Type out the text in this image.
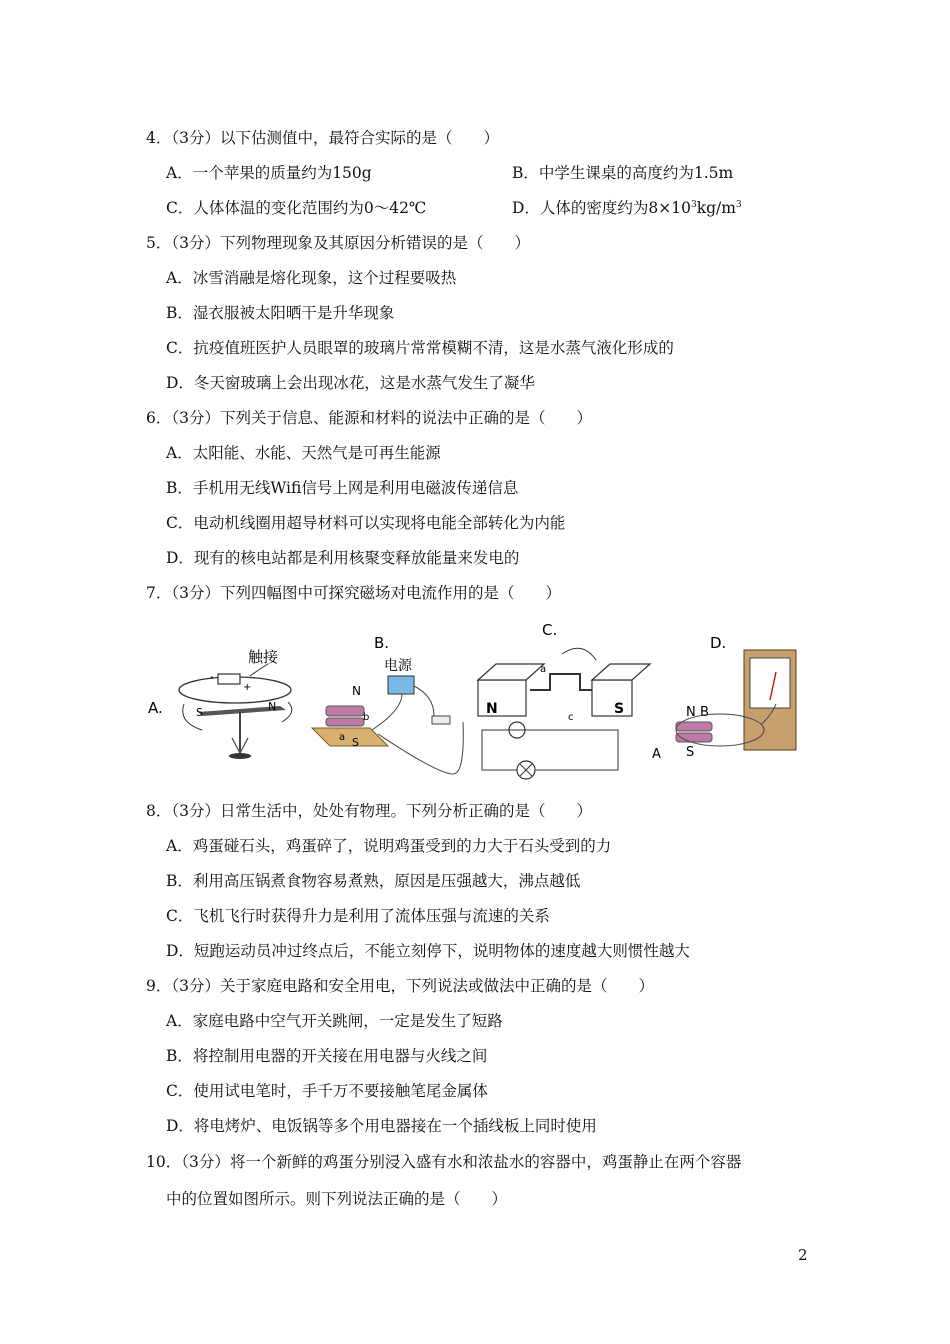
4．（3分）以下估测值中，最符合实际的是（　　）
A．一个苹果的质量约为150g	B．中学生课桌的高度约为1.5m
C．人体体温的变化范围约为0～42℃	D．人体的密度约为$8\times 10^3kg/m^3$
5．（3分）下列物理现象及其原因分析错误的是（　　）
A．冰雪消融是熔化现象，这个过程要吸热
B．湿衣服被太阳晒干是升华现象
C．抗疫值班医护人员眼罩的玻璃片常常模糊不清，这是水蒸气液化形成的
D．冬天窗玻璃上会出现冰花，这是水蒸气发生了凝华
6．（3分）下列关于信息、能源和材料的说法中正确的是（　　）
A．太阳能、水能、天然气是可再生能源
B．手机用无线Wifi信号上网是利用电磁波传递信息
C．电动机线圈用超导材料可以实现将电能全部转化为内能
D．现有的核电站都是利用核聚变释放能量来发电的
7．（3分）下列四幅图中可探究磁场对电流作用的是（　　）
A.
-
+
触接
S	N
B.
电源
N
S
a
b
C.
N	S
a
c
D.
N B
A S
8．（3分）日常生活中，处处有物理。下列分析正确的是（　　）
A．鸡蛋碰石头，鸡蛋碎了，说明鸡蛋受到的力大于石头受到的力
B．利用高压锅煮食物容易煮熟，原因是压强越大，沸点越低
C．飞机飞行时获得升力是利用了流体压强与流速的关系
D．短跑运动员冲过终点后，不能立刻停下，说明物体的速度越大则惯性越大
9．（3分）关于家庭电路和安全用电，下列说法或做法中正确的是（　　）
A．家庭电路中空气开关跳闸，一定是发生了短路
B．将控制用电器的开关接在用电器与火线之间
C．使用试电笔时，手千万不要接触笔尾金属体
D．将电烤炉、电饭锅等多个用电器接在一个插线板上同时使用
10．（3分）将一个新鲜的鸡蛋分别浸入盛有水和浓盐水的容器中，鸡蛋静止在两个容器
中的位置如图所示。则下列说法正确的是（　　）
2
